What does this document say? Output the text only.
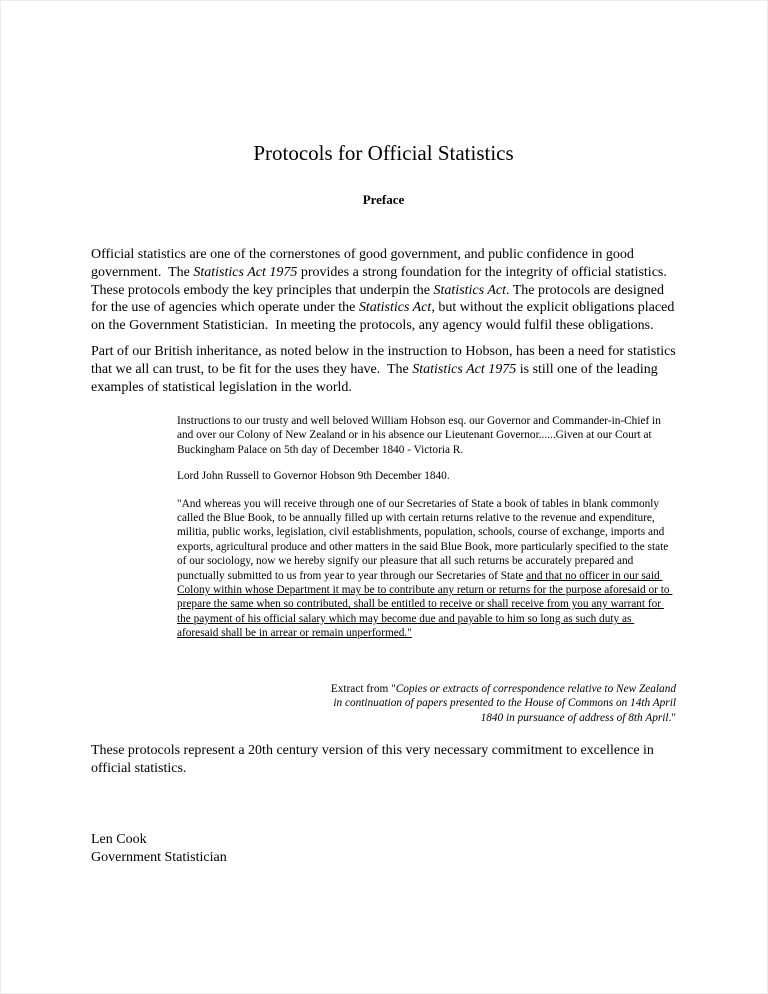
Protocols for Official Statistics
Preface

Official statistics are one of the cornerstones of good government, and public confidence in good government.  The Statistics Act 1975 provides a strong foundation for the integrity of official statistics.  These protocols embody the key principles that underpin the Statistics Act. The protocols are designed for the use of agencies which operate under the Statistics Act, but without the explicit obligations placed on the Government Statistician.  In meeting the protocols, any agency would fulfil these obligations.

Part of our British inheritance, as noted below in the instruction to Hobson, has been a need for statistics that we all can trust, to be fit for the uses they have.  The Statistics Act 1975 is still one of the leading examples of statistical legislation in the world.

Instructions to our trusty and well beloved William Hobson esq. our Governor and Commander-in-Chief in and over our Colony of New Zealand or in his absence our Lieutenant Governor......Given at our Court at Buckingham Palace on 5th day of December 1840 - Victoria R.

Lord John Russell to Governor Hobson 9th December 1840.

"And whereas you will receive through one of our Secretaries of State a book of tables in blank commonly called the Blue Book, to be annually filled up with certain returns relative to the revenue and expenditure, militia, public works, legislation, civil establishments, population, schools, course of exchange, imports and exports, agricultural produce and other matters in the said Blue Book, more particularly specified to the state of our sociology, now we hereby signify our pleasure that all such returns be accurately prepared and punctually submitted to us from year to year through our Secretaries of State and that no officer in our said Colony within whose Department it may be to contribute any return or returns for the purpose aforesaid or to prepare the same when so contributed, shall be entitled to receive or shall receive from you any warrant for the payment of his official salary which may become due and payable to him so long as such duty as aforesaid shall be in arrear or remain unperformed."

Extract from "Copies or extracts of correspondence relative to New Zealand in continuation of papers presented to the House of Commons on 14th April 1840 in pursuance of address of 8th April."

These protocols represent a 20th century version of this very necessary commitment to excellence in official statistics.

Len Cook
Government Statistician
